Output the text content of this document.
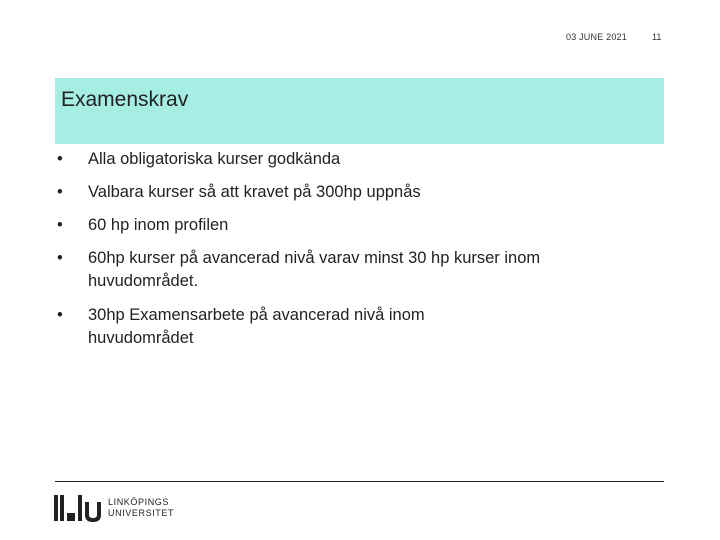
03 JUNE 2021	11
Examenskrav
• Alla obligatoriska kurser godkända
• Valbara kurser så att kravet på 300hp uppnås
• 60 hp inom profilen
• 60hp kurser på avancerad nivå varav minst 30 hp kurser inom huvudområdet.
• 30hp Examensarbete på avancerad nivå inom huvudområdet
LINKÖPINGS
UNIVERSITET
